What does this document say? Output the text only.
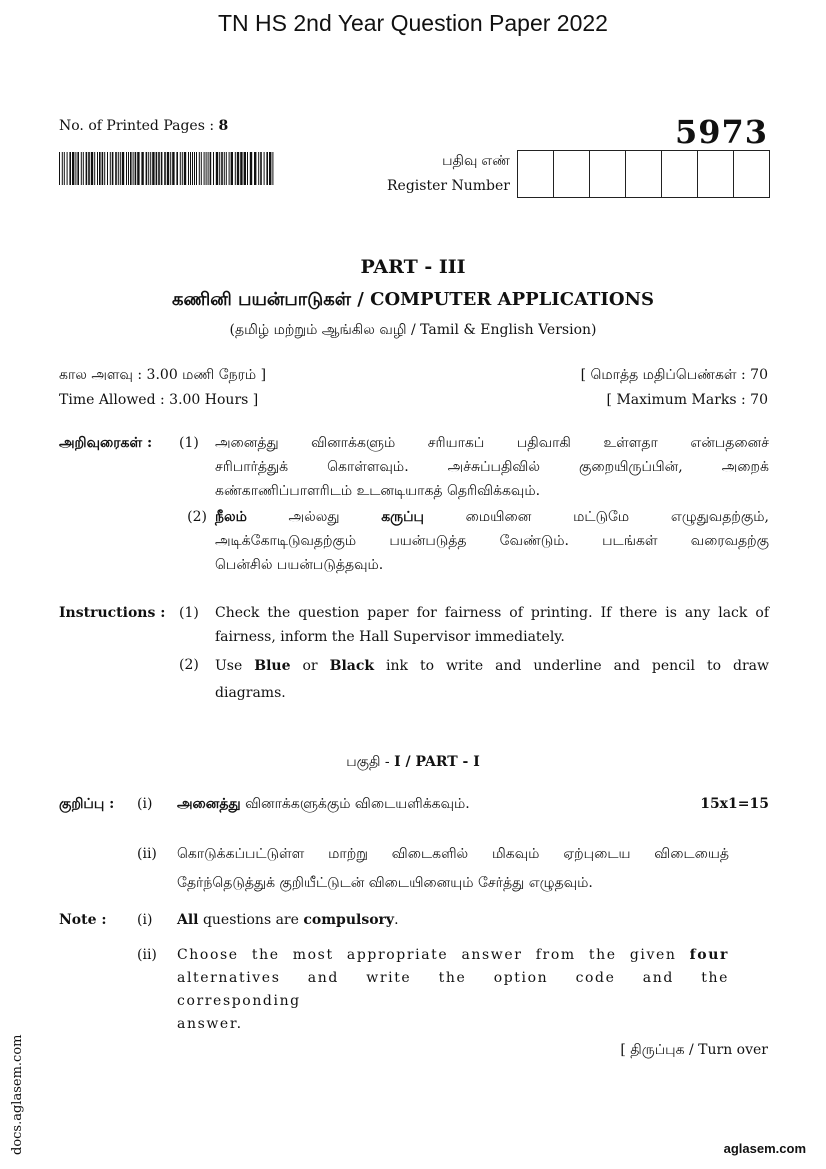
TN HS 2nd Year Question Paper 2022
No. of Printed Pages : 8	5973
பதிவு எண்
Register Number
PART - III
கணினி பயன்பாடுகள் / COMPUTER APPLICATIONS
(தமிழ் மற்றும் ஆங்கில வழி / Tamil & English Version)
கால அளவு : 3.00 மணி நேரம் ]	[ மொத்த மதிப்பெண்கள் : 70
Time Allowed : 3.00 Hours ]	[ Maximum Marks : 70
அறிவுரைகள் :	(1)	அனைத்து வினாக்களும் சரியாகப் பதிவாகி உள்ளதா என்பதனைச்
சரிபார்த்துக் கொள்ளவும். அச்சுப்பதிவில் குறையிருப்பின், அறைக்
கண்காணிப்பாளரிடம் உடனடியாகத் தெரிவிக்கவும்.
(2) நீலம் அல்லது கருப்பு மையினை மட்டுமே எழுதுவதற்கும்,
அடிக்கோடிடுவதற்கும் பயன்படுத்த வேண்டும். படங்கள் வரைவதற்கு
பென்சில் பயன்படுத்தவும்.
Instructions : (1)	Check the question paper for fairness of printing. If there is any lack of
fairness, inform the Hall Supervisor immediately.
(2)	Use Blue or Black ink to write and underline and pencil to draw
diagrams.
பகுதி - I / PART - I
குறிப்பு :	(i)	அனைத்து வினாக்களுக்கும் விடையளிக்கவும்.	15x1=15
(ii)	கொடுக்கப்பட்டுள்ள மாற்று விடைகளில் மிகவும் ஏற்புடைய விடையைத்
தேர்ந்தெடுத்துக் குறியீட்டுடன் விடையினையும் சேர்த்து எழுதவும்.
Note :	(i)	All questions are compulsory.
(ii)	Choose the most appropriate answer from the given four
alternatives and write the option code and the corresponding
answer.
[ திருப்புக / Turn over
docs.aglasem.com	aglasem.com
